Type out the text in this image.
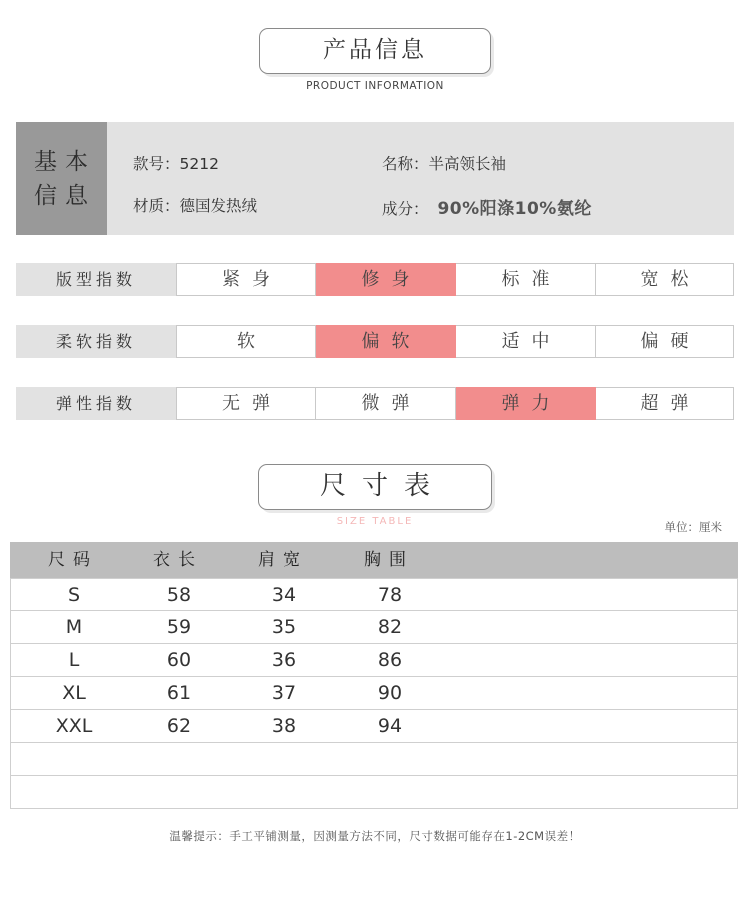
产品信息
PRODUCT INFORMATION
基本
信息
款号：5212	名称：半高领长袖
材质：德国发热绒	成分： 90%阳涤10%氨纶
版型指数	紧身	修身	标准	宽松
柔软指数	软	偏软	适中	偏硬
弹性指数	无弹	微弹	弹力	超弹
尺寸表
SIZE TABLE	单位：厘米
尺码	衣长	肩宽	胸围
S	58	34	78
M	59	35	82
L	60	36	86
XL	61	37	90
XXL	62	38	94
温馨提示：手工平铺测量，因测量方法不同，尺寸数据可能存在1-2CM误差！
